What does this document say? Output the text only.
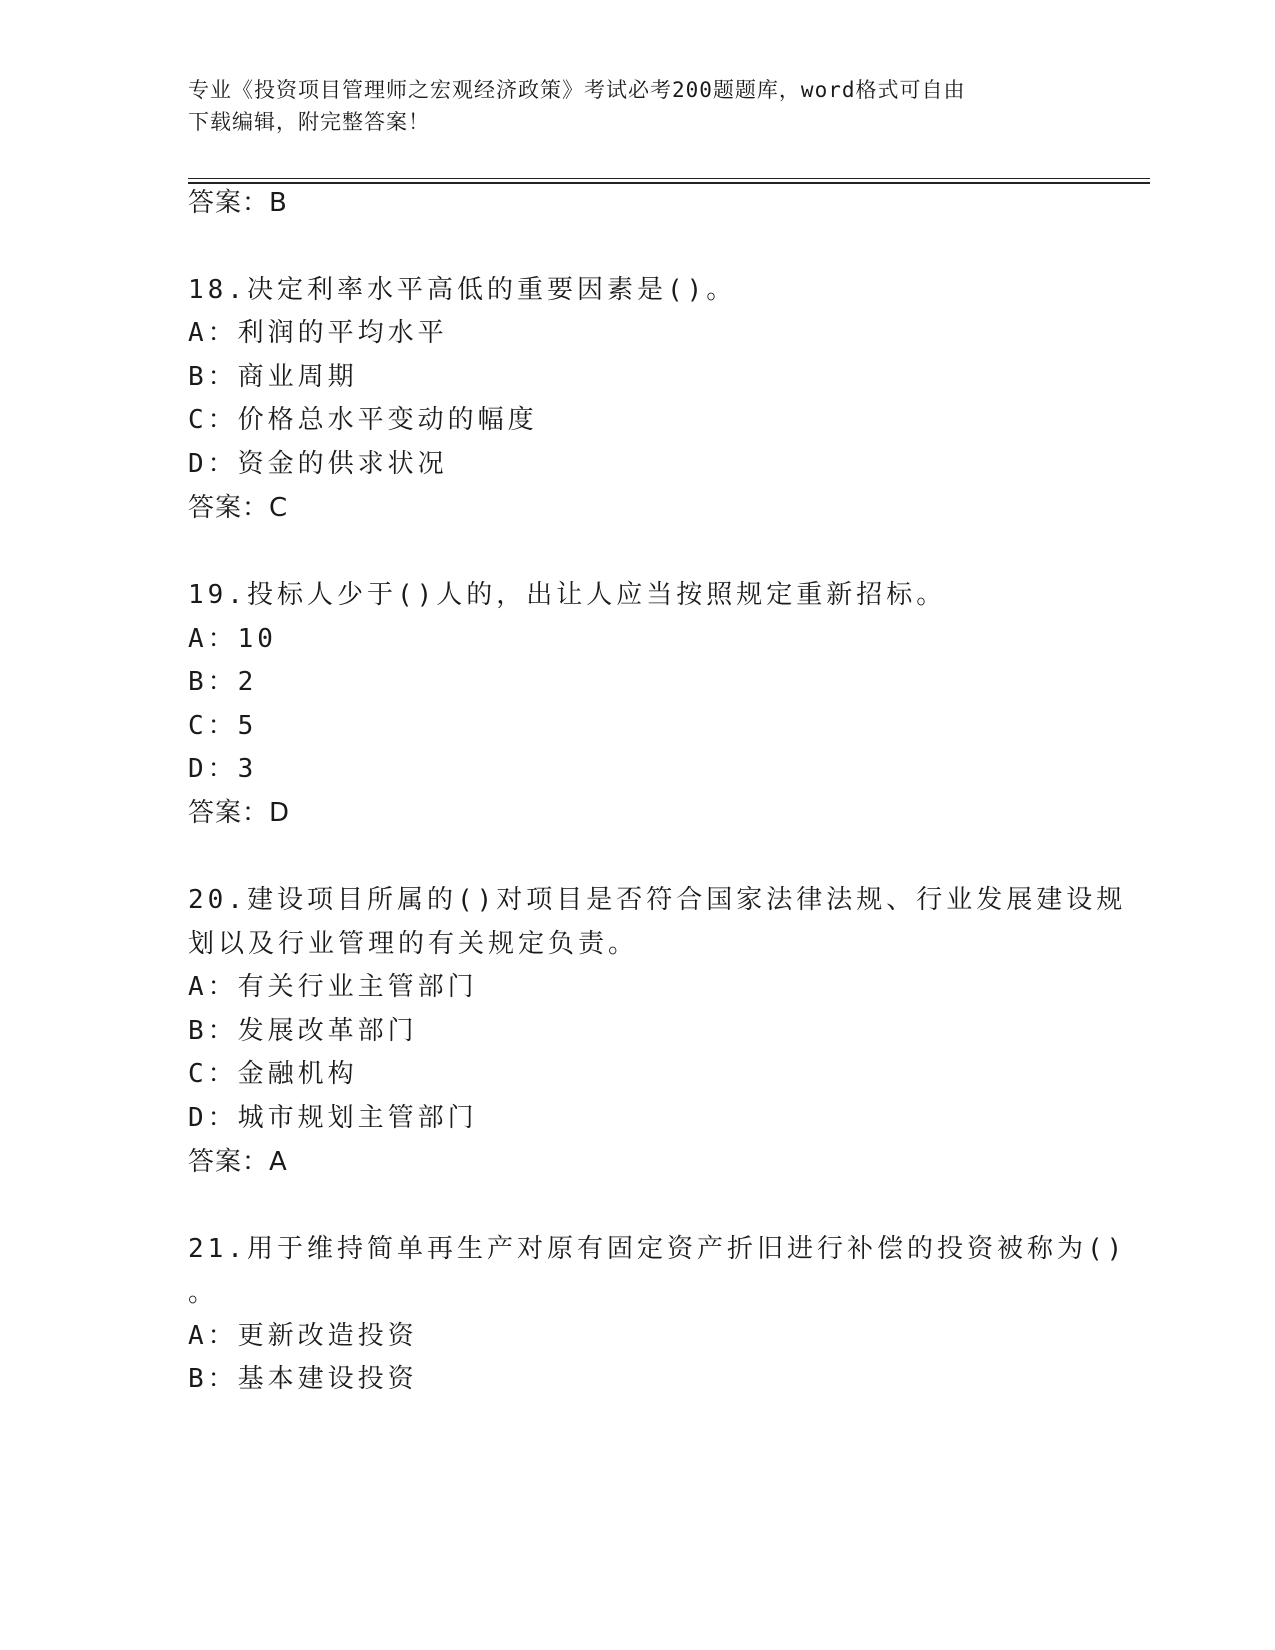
专业《投资项目管理师之宏观经济政策》考试必考200题题库，word格式可自由
下载编辑，附完整答案！
答案：B
18.决定利率水平高低的重要因素是()。
A：利润的平均水平
B：商业周期
C：价格总水平变动的幅度
D：资金的供求状况
答案：C
19.投标人少于()人的，出让人应当按照规定重新招标。
A：10
B：2
C：5
D：3
答案：D
20.建设项目所属的()对项目是否符合国家法律法规、行业发展建设规
划以及行业管理的有关规定负责。
A：有关行业主管部门
B：发展改革部门
C：金融机构
D：城市规划主管部门
答案：A
21.用于维持简单再生产对原有固定资产折旧进行补偿的投资被称为()
。
A：更新改造投资
B：基本建设投资
